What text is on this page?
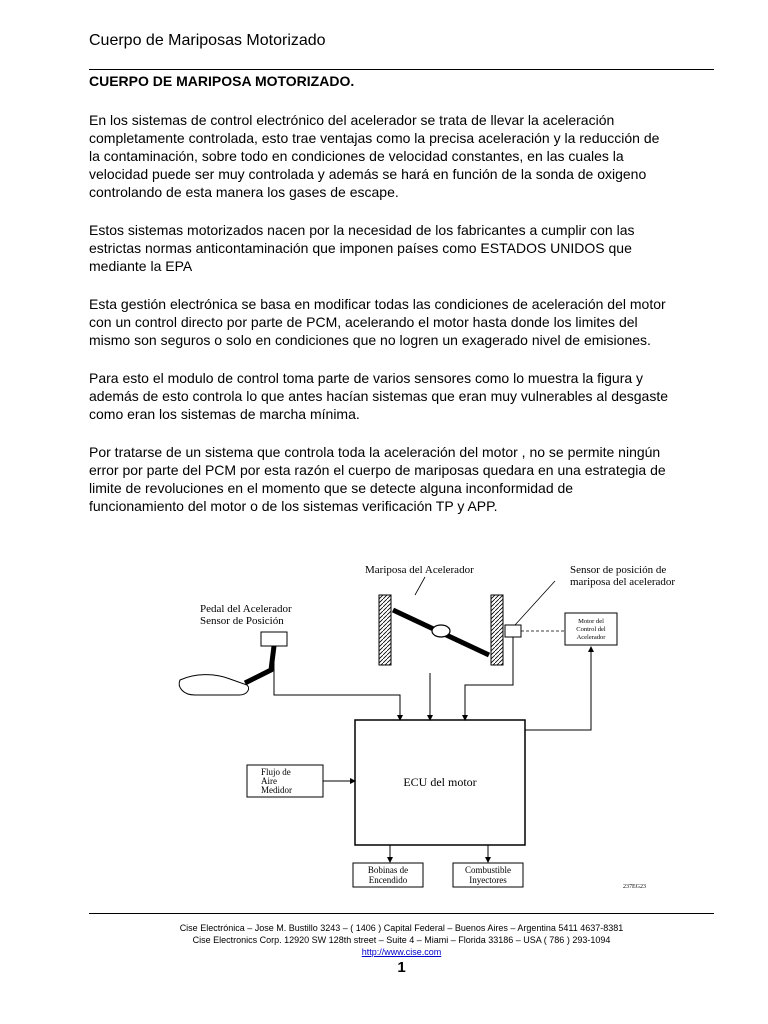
Cuerpo de Mariposas Motorizado
CUERPO DE MARIPOSA MOTORIZADO.

En los sistemas de control electrónico del acelerador se trata de llevar la aceleración
completamente controlada, esto trae ventajas como la precisa aceleración y la reducción de
la contaminación, sobre todo en condiciones de velocidad constantes, en las cuales la
velocidad puede ser muy controlada y además se hará en función de la sonda de oxigeno
controlando de esta manera los gases de escape.

Estos sistemas motorizados nacen por la necesidad de los fabricantes a cumplir con las
estrictas normas anticontaminación que imponen países como ESTADOS UNIDOS que
mediante la EPA

Esta gestión electrónica se basa en modificar todas las condiciones de aceleración del motor
con un control directo por parte de PCM, acelerando el motor hasta donde los limites del
mismo son seguros o solo en condiciones que no logren un exagerado nivel de emisiones.

Para esto el modulo de control toma parte de varios sensores como lo muestra la figura y
además de esto controla lo que antes hacían sistemas que eran muy vulnerables al desgaste
como eran los sistemas de marcha mínima.

Por tratarse de un sistema que controla toda la aceleración del motor , no se permite ningún
error por parte del PCM por esta razón el cuerpo de mariposas quedara en una estrategia de
limite de revoluciones en el momento que se detecte alguna inconformidad de
funcionamiento del motor o de los sistemas verificación TP y APP.

Mariposa del Acelerador	Sensor de posición de
mariposa del acelerador
Motor del
Control del
Acelerador
Pedal del Acelerador
Sensor de Posición
ECU del motor
Flujo de
Aire
Medidor
Bobinas de
Encendido
Combustible
Inyectores
237EG23
Cise Electrónica – Jose M. Bustillo 3243 – ( 1406 ) Capital Federal – Buenos Aires – Argentina 5411 4637-8381
Cise Electronics Corp. 12920 SW 128th street – Suite 4 – Miami – Florida 33186 – USA ( 786 ) 293-1094
http://www.cise.com
1
